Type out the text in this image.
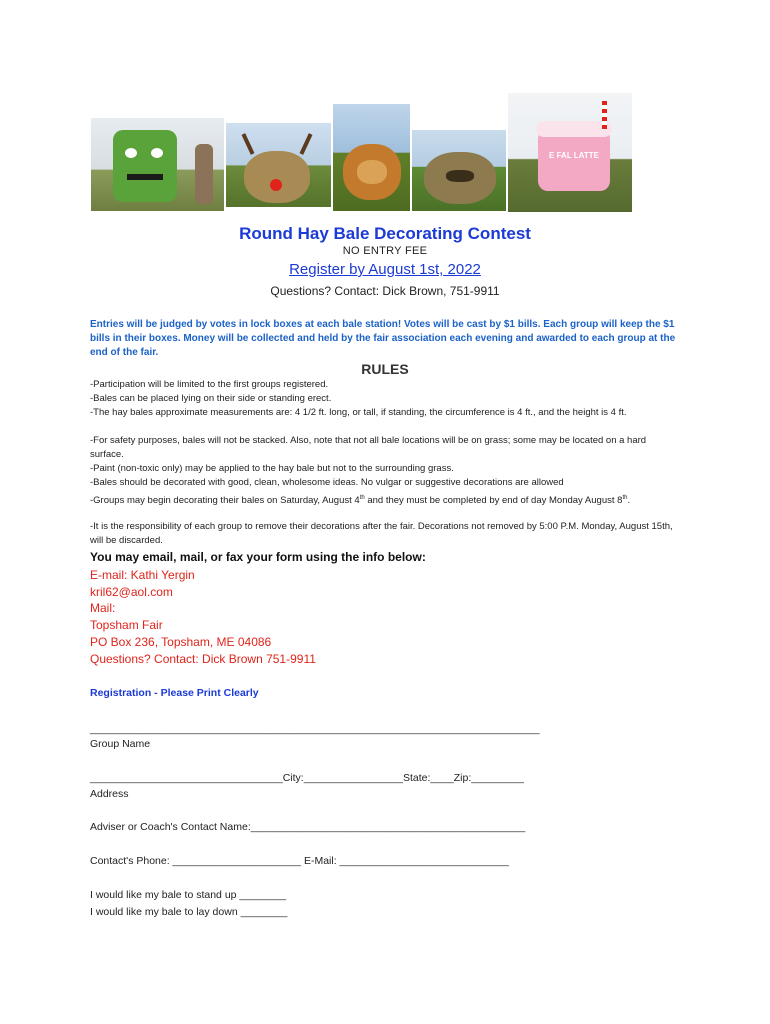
E FAL LATTE
Round Hay Bale Decorating Contest
NO ENTRY FEE
Register by August 1st, 2022
Questions? Contact: Dick Brown, 751-9911
Entries will be judged by votes in lock boxes at each bale station! Votes will be cast by $1 bills. Each group will keep the $1 bills in their boxes. Money will be collected and held by the fair association each evening and awarded to each group at the end of the fair.
RULES
-Participation will be limited to the first groups registered.
-Bales can be placed lying on their side or standing erect.
-The hay bales approximate measurements are: 4 1/2 ft. long, or tall, if standing, the circumference is 4 ft., and the height is 4 ft.
-For safety purposes, bales will not be stacked. Also, note that not all bale locations will be on grass; some may be located on a hard surface.
-Paint (non-toxic only) may be applied to the hay bale but not to the surrounding grass.
-Bales should be decorated with good, clean, wholesome ideas. No vulgar or suggestive decorations are allowed
-Groups may begin decorating their bales on Saturday, August 4th and they must be completed by end of day Monday August 8th.
-It is the responsibility of each group to remove their decorations after the fair. Decorations not removed by 5:00 P.M. Monday, August 15th, will be discarded.
You may email, mail, or fax your form using the info below:
E-mail: Kathi Yergin
kril62@aol.com
Mail:
Topsham Fair
PO Box 236, Topsham, ME 04086
Questions? Contact: Dick Brown 751-9911
Registration - Please Print Clearly
_____________________________________________________________________________
Group Name
_________________________________City:_________________State:____Zip:_________
Address
Adviser or Coach's Contact Name:_______________________________________________
Contact's Phone: ______________________ E-Mail: _____________________________
I would like my bale to stand up ________
I would like my bale to lay down ________
